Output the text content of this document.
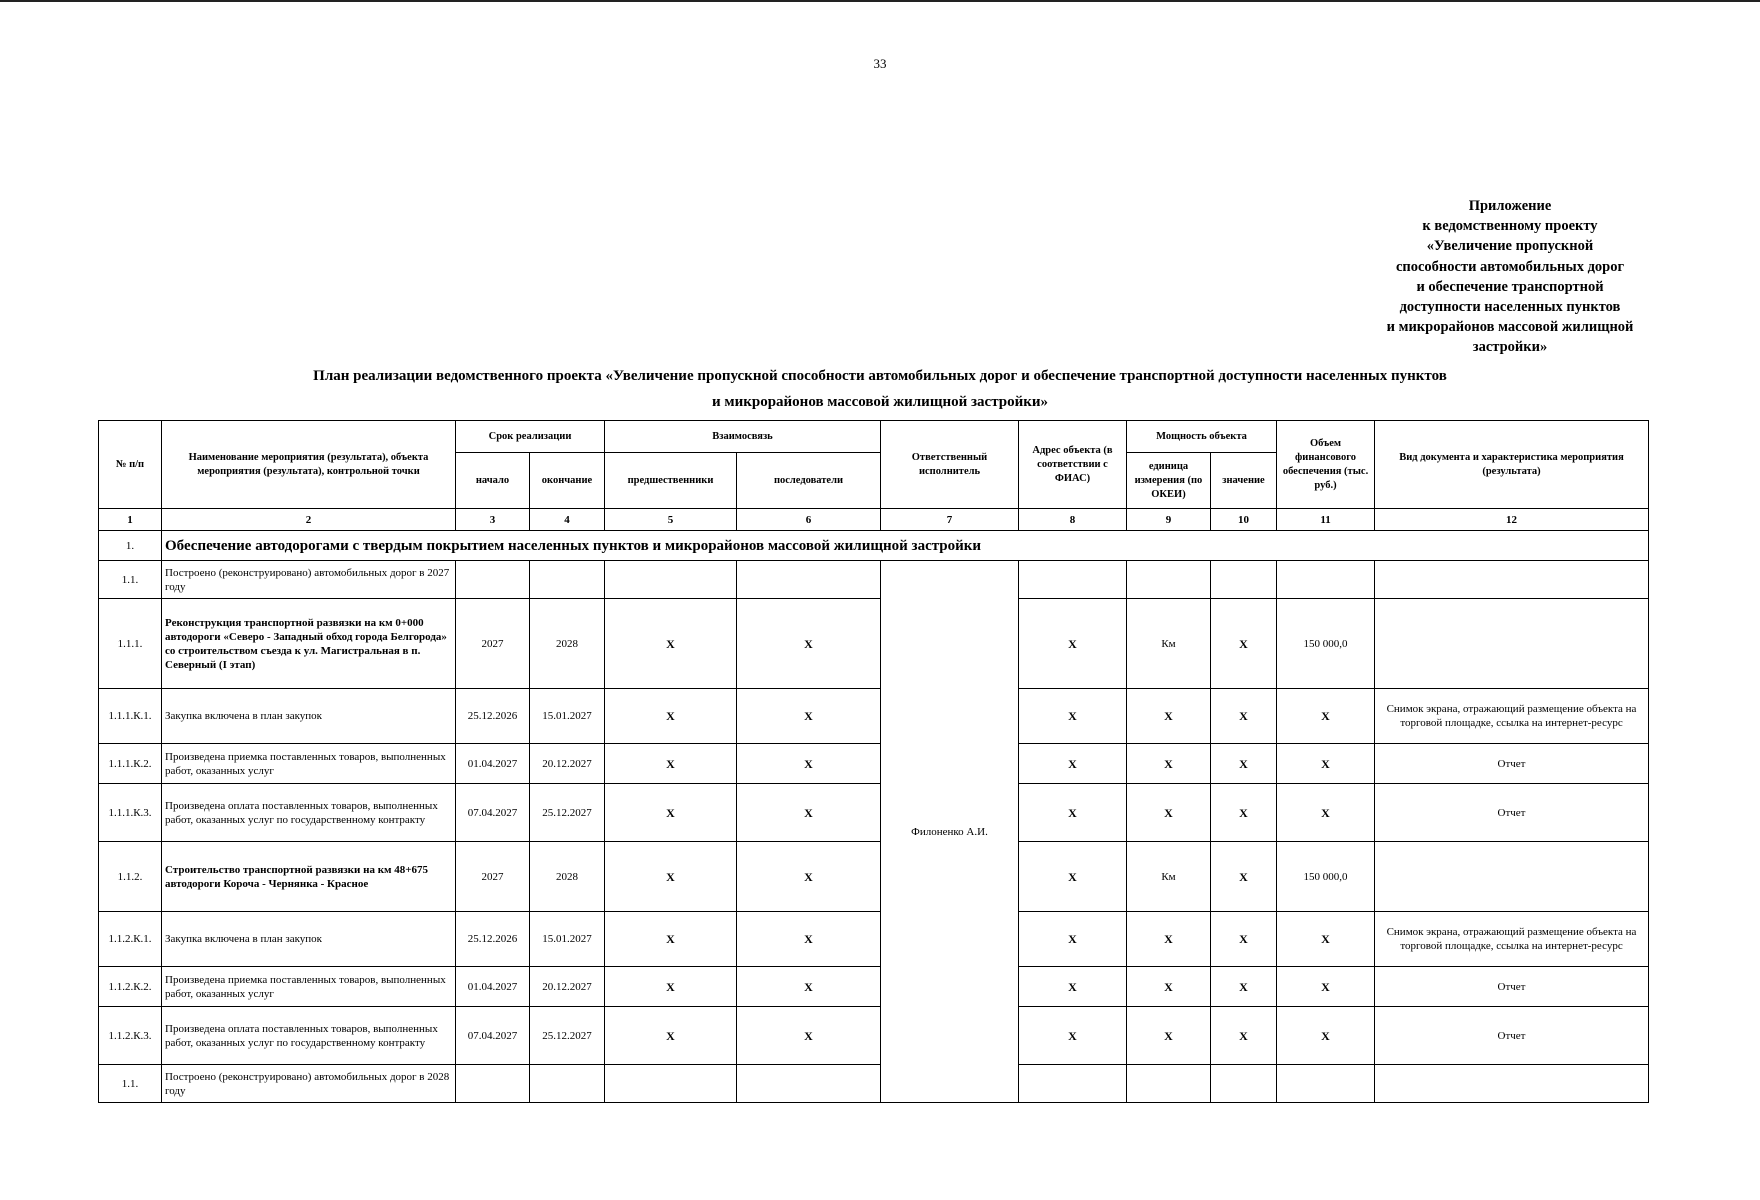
33
Приложение
к ведомственному проекту
«Увеличение пропускной
способности автомобильных дорог
и обеспечение транспортной
доступности населенных пунктов
и микрорайонов массовой жилищной
застройки»
План реализации ведомственного проекта «Увеличение пропускной способности автомобильных дорог и обеспечение транспортной доступности населенных пунктов
и микрорайонов массовой жилищной застройки»
№ п/п	Наименование мероприятия (результата), объекта мероприятия (результата), контрольной точки	Срок реализации		Взаимосвязь		Ответственный исполнитель	Адрес объекта (в соответствии с ФИАС)	Мощность объекта		Объем финансового обеспечения (тыс. руб.)	Вид документа и характеристика мероприятия (результата)
		начало	окончание	предшественники	последователи			единица измерения (по ОКЕИ)	значение		
1	2	3	4	5	6	7	8	9	10	11	12
1.	Обеспечение автодорогами с твердым покрытием населенных пунктов и микрорайонов массовой жилищной застройки										
1.1.	Построено (реконструировано) автомобильных дорог в 2027 году					Филоненко А.И.					
1.1.1.	Реконструкция транспортной развязки на км 0+000 автодороги «Северо - Западный обход города Белгорода» со строительством съезда к ул. Магистральная в п. Северный (I этап)	2027	2028	X	X		X	Км	X	150 000,0	
1.1.1.К.1.	Закупка включена в план закупок	25.12.2026	15.01.2027	X	X		X	X	X	X	Снимок экрана, отражающий размещение объекта на торговой площадке, ссылка на интернет-ресурс
1.1.1.К.2.	Произведена приемка поставленных товаров, выполненных работ, оказанных услуг	01.04.2027	20.12.2027	X	X		X	X	X	X	Отчет
1.1.1.К.3.	Произведена оплата поставленных товаров, выполненных работ, оказанных услуг по государственному контракту	07.04.2027	25.12.2027	X	X		X	X	X	X	Отчет
1.1.2.	Строительство транспортной развязки на км 48+675 автодороги Короча - Чернянка - Красное	2027	2028	X	X		X	Км	X	150 000,0	
1.1.2.К.1.	Закупка включена в план закупок	25.12.2026	15.01.2027	X	X		X	X	X	X	Снимок экрана, отражающий размещение объекта на торговой площадке, ссылка на интернет-ресурс
1.1.2.К.2.	Произведена приемка поставленных товаров, выполненных работ, оказанных услуг	01.04.2027	20.12.2027	X	X		X	X	X	X	Отчет
1.1.2.К.3.	Произведена оплата поставленных товаров, выполненных работ, оказанных услуг по государственному контракту	07.04.2027	25.12.2027	X	X		X	X	X	X	Отчет
1.1.	Построено (реконструировано) автомобильных дорог в 2028 году										
